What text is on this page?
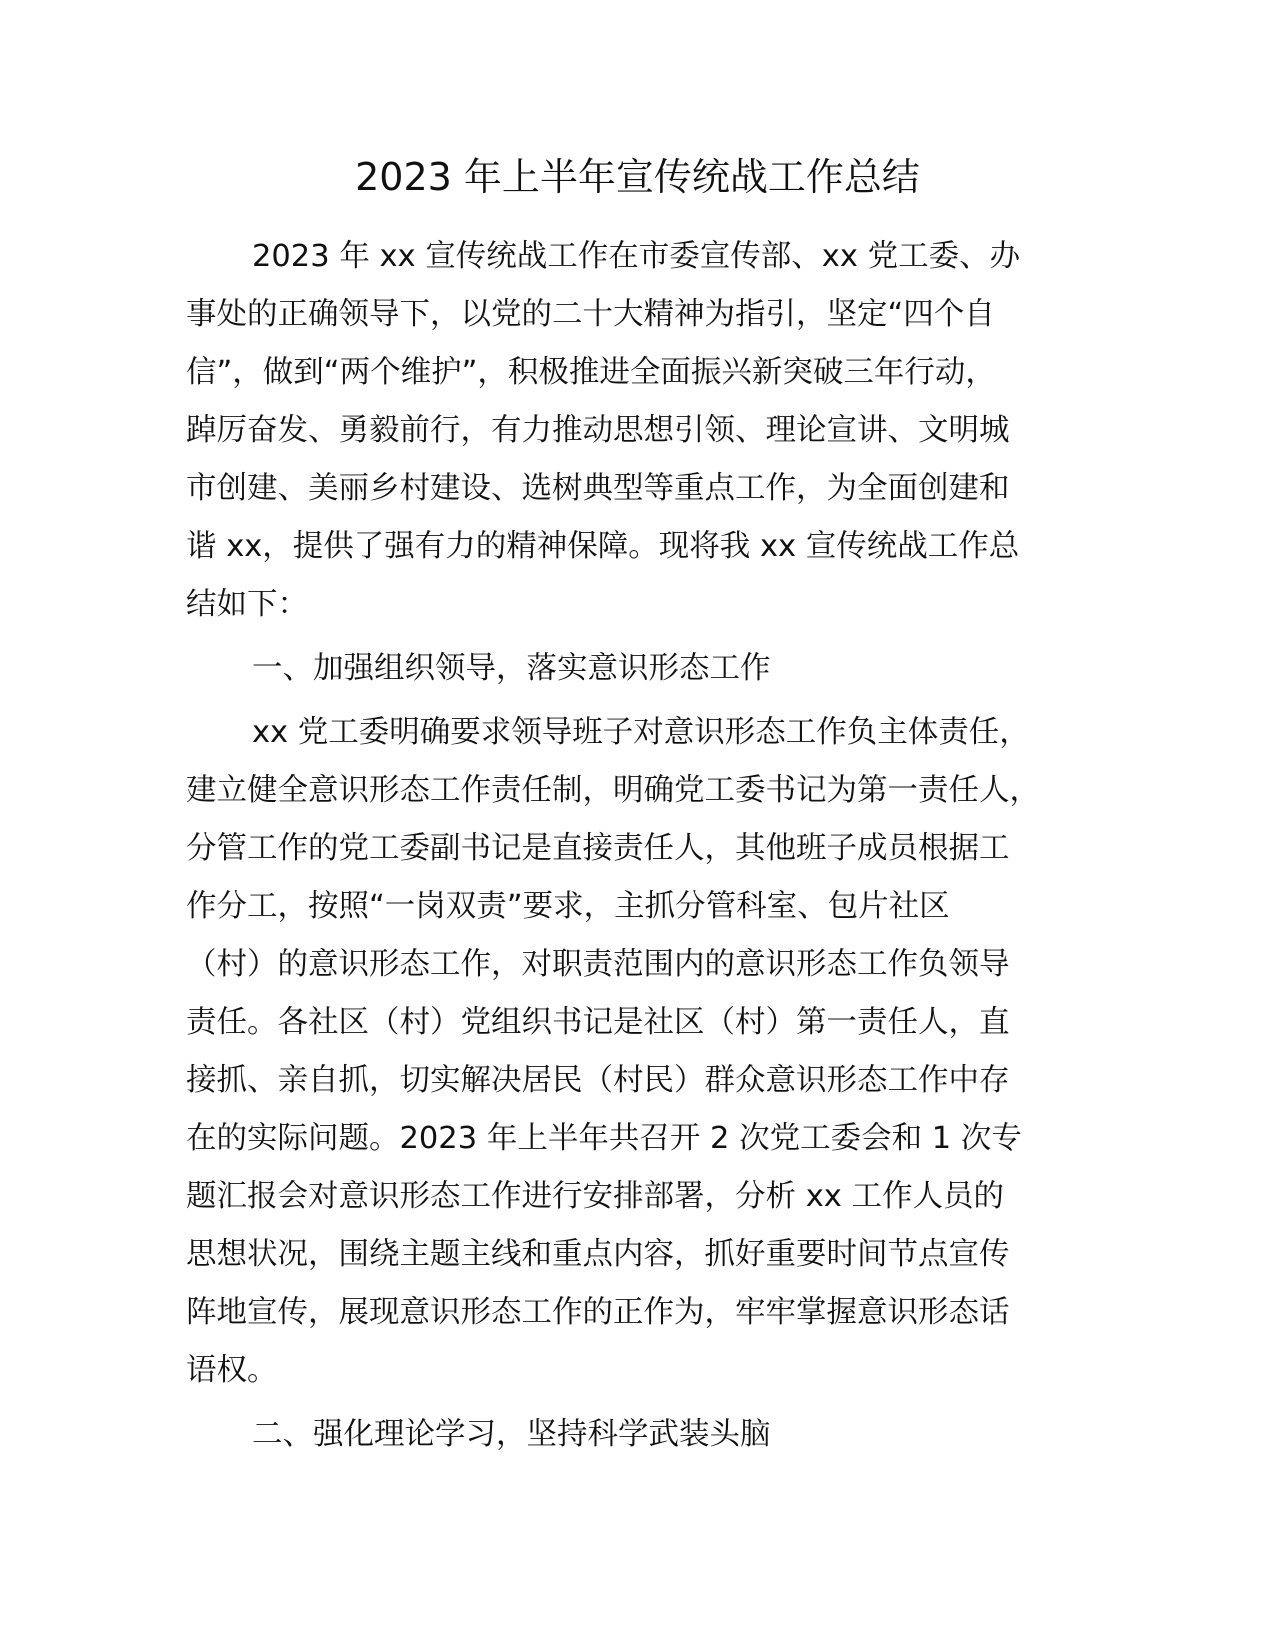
2023 年上半年宣传统战工作总结

2023 年 xx 宣传统战工作在市委宣传部、xx 党工委、办

事处的正确领导下，以党的二十大精神为指引，坚定“四个自

信”，做到“两个维护”，积极推进全面振兴新突破三年行动，

踔厉奋发、勇毅前行，有力推动思想引领、理论宣讲、文明城

市创建、美丽乡村建设、选树典型等重点工作，为全面创建和

谐 xx，提供了强有力的精神保障。现将我 xx 宣传统战工作总

结如下：

一、加强组织领导，落实意识形态工作

xx 党工委明确要求领导班子对意识形态工作负主体责任，

建立健全意识形态工作责任制，明确党工委书记为第一责任人，

分管工作的党工委副书记是直接责任人，其他班子成员根据工

作分工，按照“一岗双责”要求，主抓分管科室、包片社区

（村）的意识形态工作，对职责范围内的意识形态工作负领导

责任。各社区（村）党组织书记是社区（村）第一责任人，直

接抓、亲自抓，切实解决居民（村民）群众意识形态工作中存

在的实际问题。2023 年上半年共召开 2 次党工委会和 1 次专

题汇报会对意识形态工作进行安排部署，分析 xx 工作人员的

思想状况，围绕主题主线和重点内容，抓好重要时间节点宣传

阵地宣传，展现意识形态工作的正作为，牢牢掌握意识形态话

语权。

二、强化理论学习，坚持科学武装头脑
